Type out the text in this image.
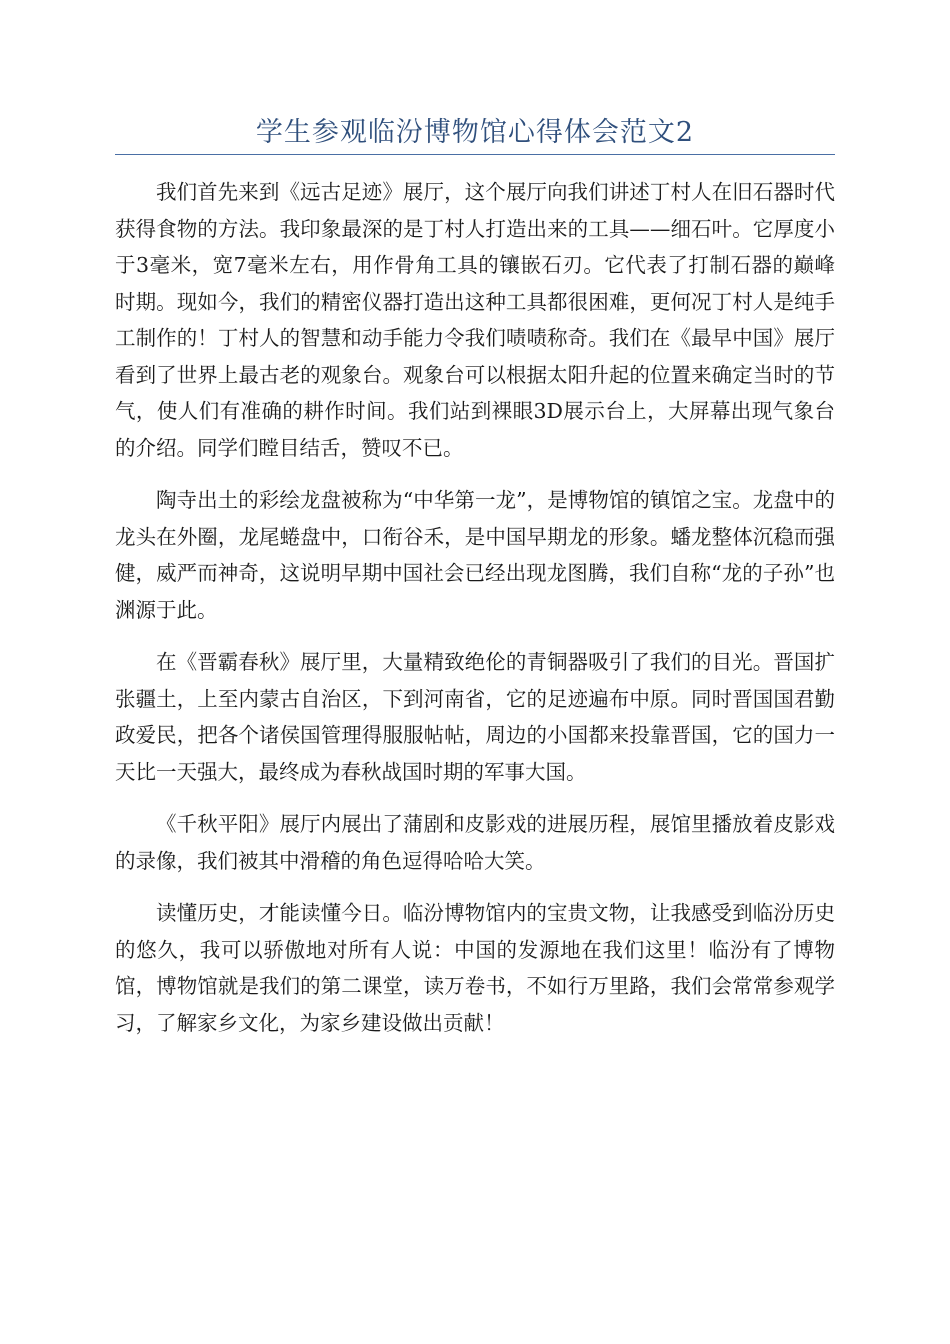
学生参观临汾博物馆心得体会范文2

我们首先来到《远古足迹》展厅，这个展厅向我们讲述丁村人在旧石器时代获得食物的方法。我印象最深的是丁村人打造出来的工具——细石叶。它厚度小于3毫米，宽7毫米左右，用作骨角工具的镶嵌石刃。它代表了打制石器的巅峰时期。现如今，我们的精密仪器打造出这种工具都很困难，更何况丁村人是纯手工制作的！丁村人的智慧和动手能力令我们啧啧称奇。我们在《最早中国》展厅看到了世界上最古老的观象台。观象台可以根据太阳升起的位置来确定当时的节气，使人们有准确的耕作时间。我们站到裸眼3D展示台上，大屏幕出现气象台的介绍。同学们瞠目结舌，赞叹不已。

陶寺出土的彩绘龙盘被称为“中华第一龙”，是博物馆的镇馆之宝。龙盘中的龙头在外圈，龙尾蜷盘中，口衔谷禾，是中国早期龙的形象。蟠龙整体沉稳而强健，威严而神奇，这说明早期中国社会已经出现龙图腾，我们自称“龙的子孙”也渊源于此。

在《晋霸春秋》展厅里，大量精致绝伦的青铜器吸引了我们的目光。晋国扩张疆土，上至内蒙古自治区，下到河南省，它的足迹遍布中原。同时晋国国君勤政爱民，把各个诸侯国管理得服服帖帖，周边的小国都来投靠晋国，它的国力一天比一天强大，最终成为春秋战国时期的军事大国。

《千秋平阳》展厅内展出了蒲剧和皮影戏的进展历程，展馆里播放着皮影戏的录像，我们被其中滑稽的角色逗得哈哈大笑。

读懂历史，才能读懂今日。临汾博物馆内的宝贵文物，让我感受到临汾历史的悠久，我可以骄傲地对所有人说：中国的发源地在我们这里！临汾有了博物馆，博物馆就是我们的第二课堂，读万卷书，不如行万里路，我们会常常参观学习，了解家乡文化，为家乡建设做出贡献！
